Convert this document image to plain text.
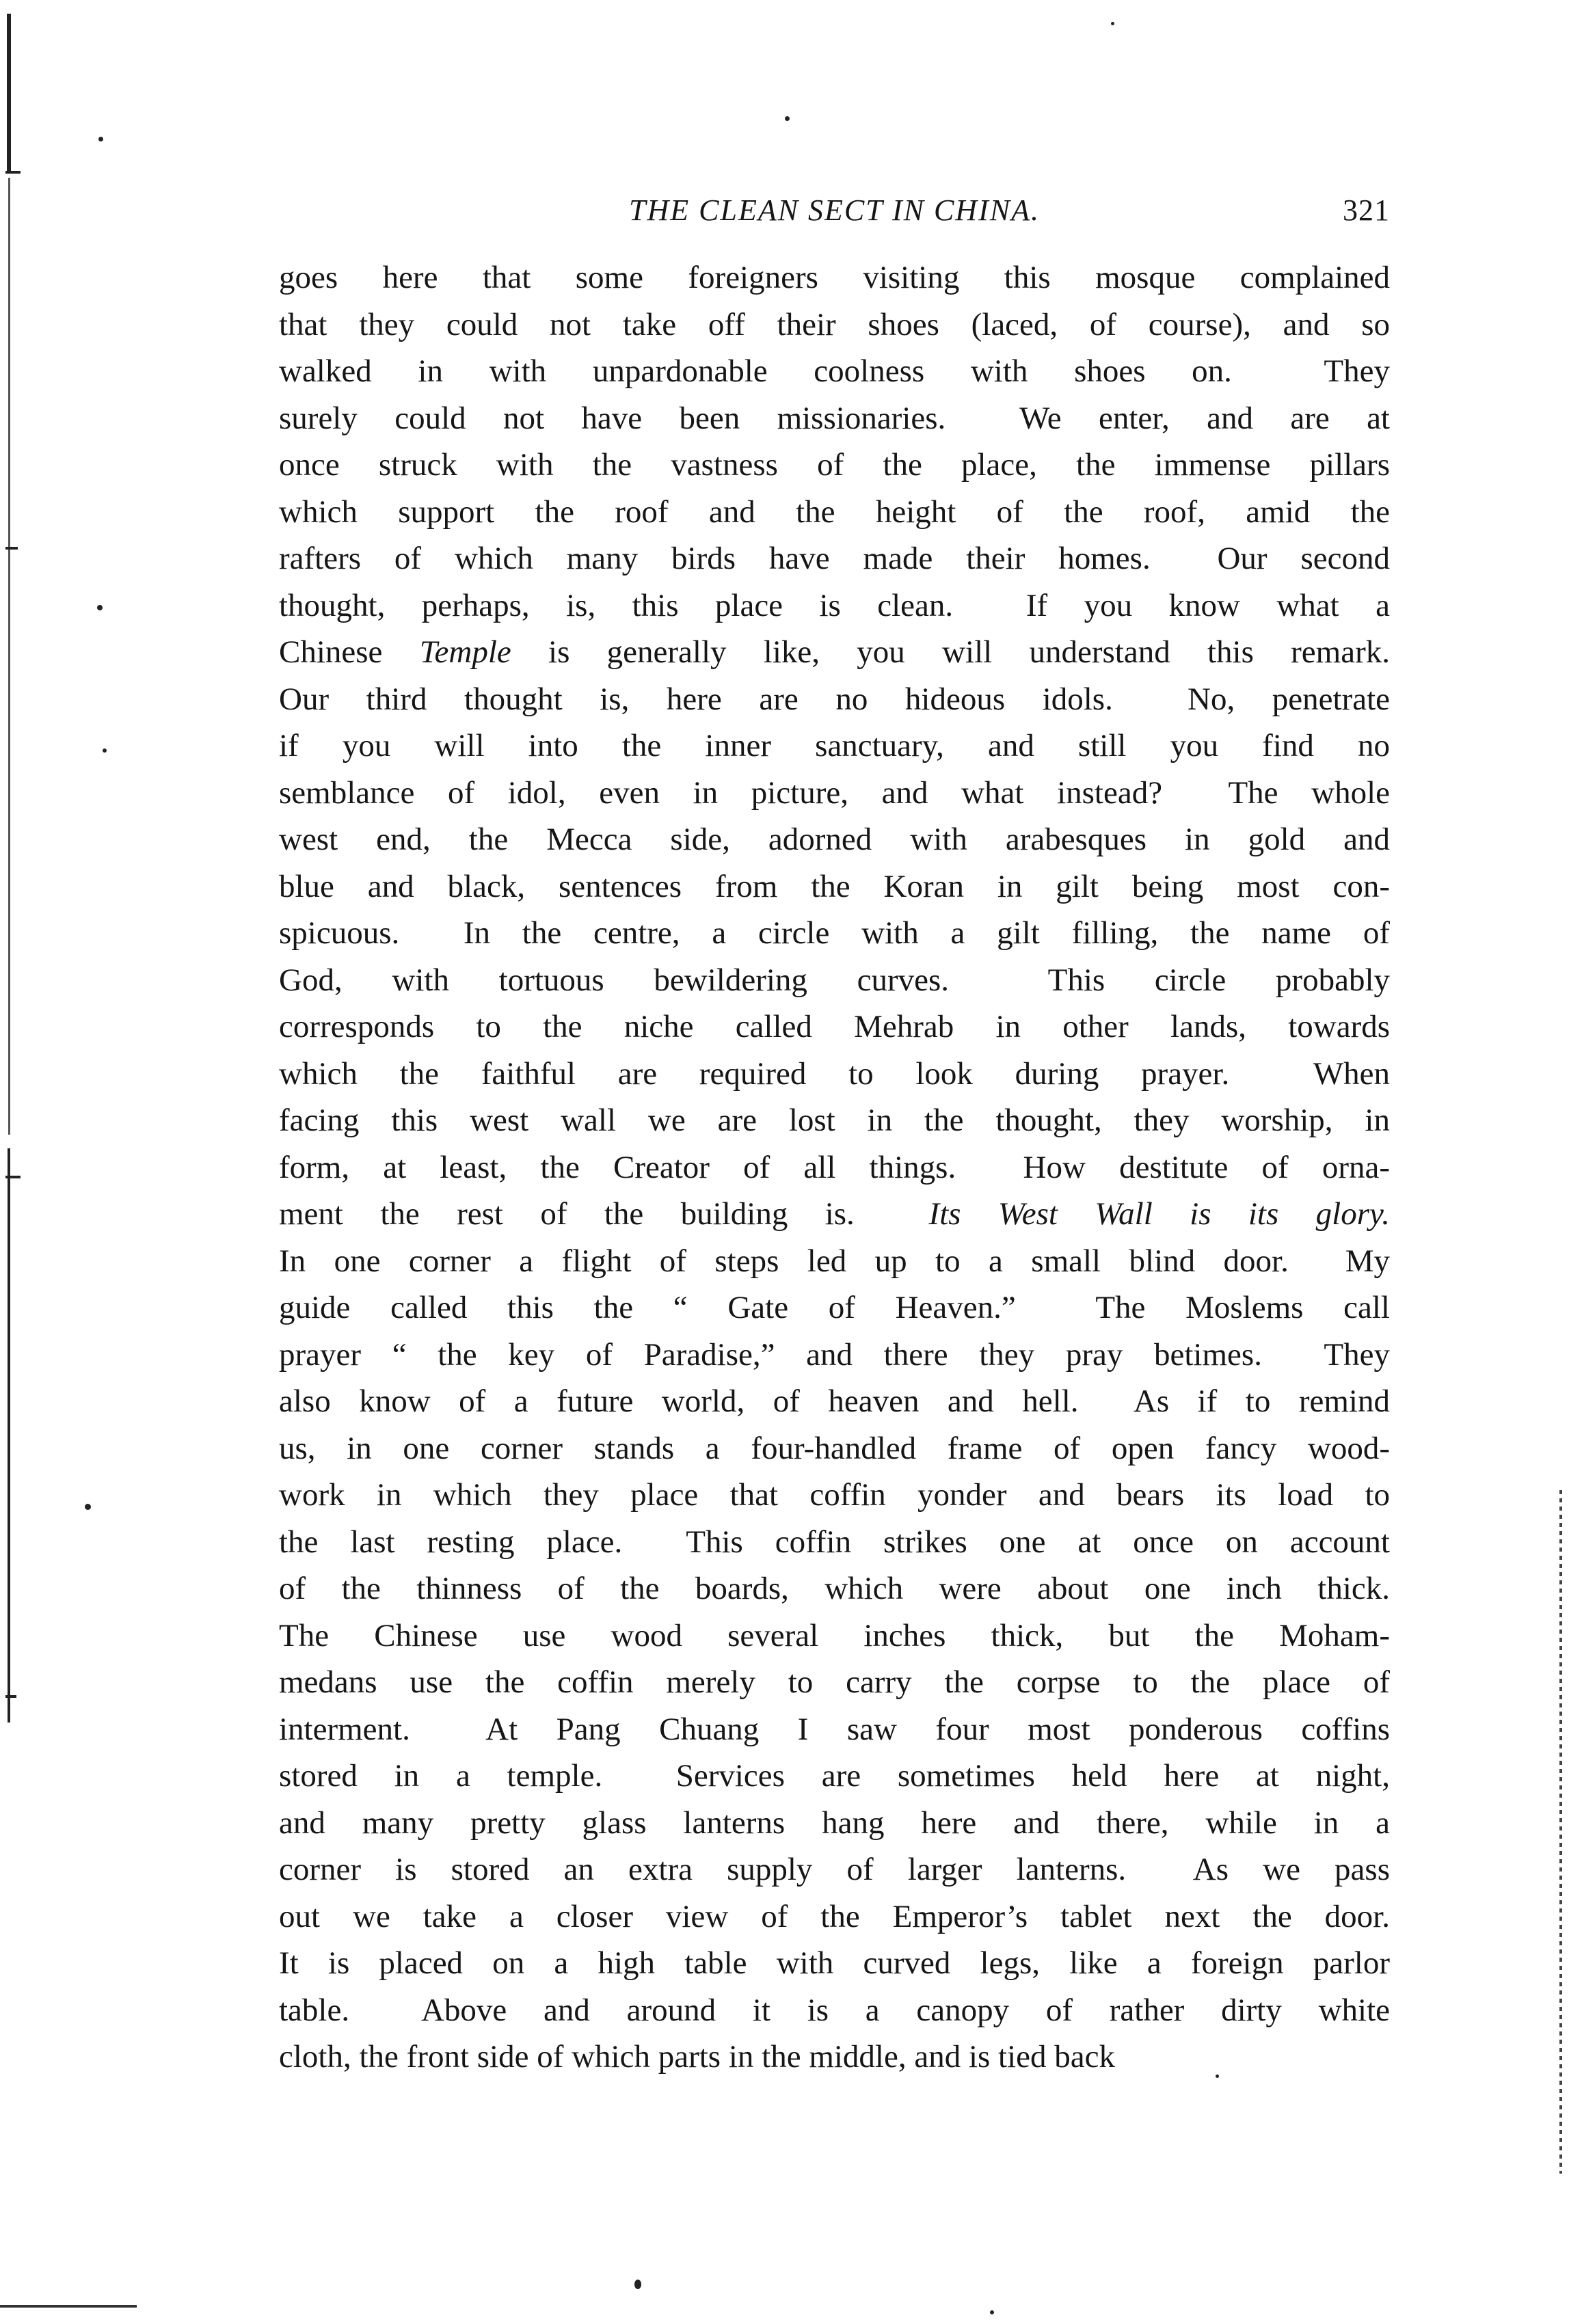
THE CLEAN SECT IN CHINA.	321
goes here that some foreigners visiting this mosque complained
that they could not take off their shoes (laced, of course), and so
walked in with unpardonable coolness with shoes on.  They
surely could not have been missionaries.  We enter, and are at
once struck with the vastness of the place, the immense pillars
which support the roof and the height of the roof, amid the
rafters of which many birds have made their homes.  Our second
thought, perhaps, is, this place is clean.  If you know what a
Chinese Temple is generally like, you will understand this remark.
Our third thought is, here are no hideous idols.  No, penetrate
if you will into the inner sanctuary, and still you find no
semblance of idol, even in picture, and what instead?  The whole
west end, the Mecca side, adorned with arabesques in gold and
blue and black, sentences from the Koran in gilt being most con-
spicuous.  In the centre, a circle with a gilt filling, the name of
God, with tortuous bewildering curves.  This circle probably
corresponds to the niche called Mehrab in other lands, towards
which the faithful are required to look during prayer.  When
facing this west wall we are lost in the thought, they worship, in
form, at least, the Creator of all things.  How destitute of orna-
ment the rest of the building is.  Its West Wall is its glory.
In one corner a flight of steps led up to a small blind door.  My
guide called this the “ Gate of Heaven.”  The Moslems call
prayer “ the key of Paradise,” and there they pray betimes.  They
also know of a future world, of heaven and hell.  As if to remind
us, in one corner stands a four-handled frame of open fancy wood-
work in which they place that coffin yonder and bears its load to
the last resting place.  This coffin strikes one at once on account
of the thinness of the boards, which were about one inch thick.
The Chinese use wood several inches thick, but the Moham-
medans use the coffin merely to carry the corpse to the place of
interment.  At Pang Chuang I saw four most ponderous coffins
stored in a temple.  Services are sometimes held here at night,
and many pretty glass lanterns hang here and there, while in a
corner is stored an extra supply of larger lanterns.  As we pass
out we take a closer view of the Emperor’s tablet next the door.
It is placed on a high table with curved legs, like a foreign parlor
table.  Above and around it is a canopy of rather dirty white
cloth, the front side of which parts in the middle, and is tied back
